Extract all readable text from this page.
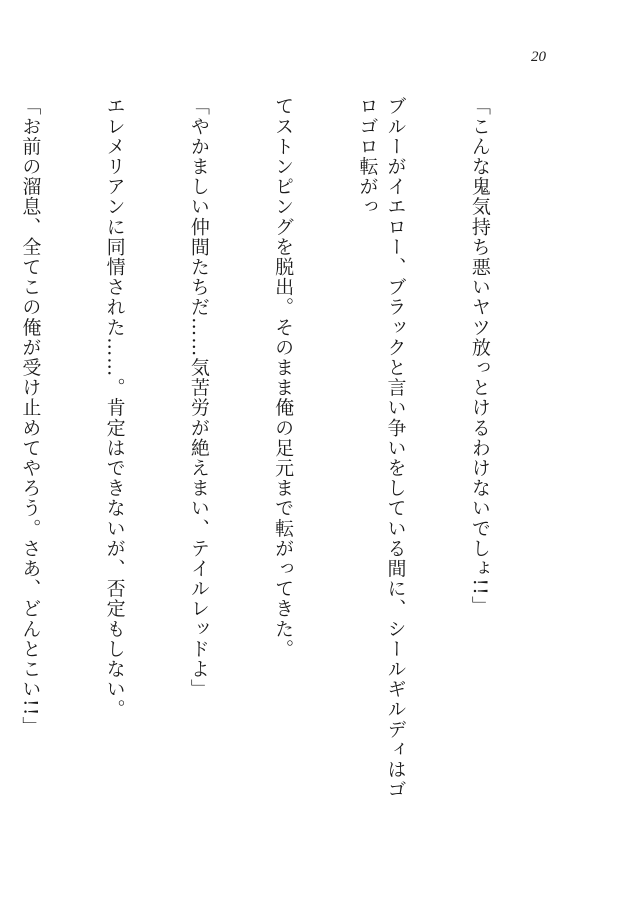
20

「こんな鬼気持ち悪いヤツ放っとけるわけないでしょ!!」

ブルーがイエロー、ブラックと言い争いをしている間に、シールギルディはゴロゴロ転がっ

てストンピングを脱出。そのまま俺の足元まで転がってきた。

「やかましい仲間たちだ……気苦労が絶えまい、テイルレッドよ」

エレメリアンに同情された……。肯定はできないが、否定もしない。

「お前の溜息、全てこの俺が受け止めてやろう。さあ、どんとこい!!」
